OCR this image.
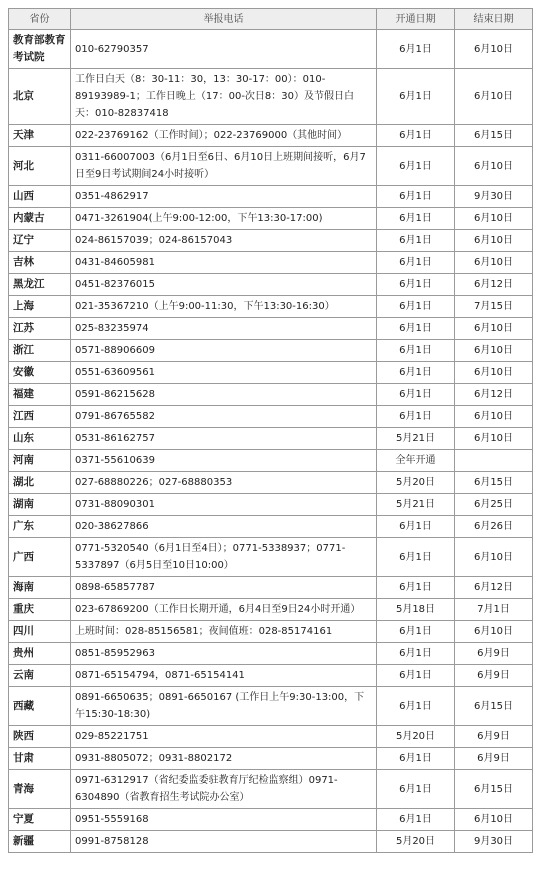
省份	举报电话	开通日期	结束日期
教育部教育考试院	010-62790357	6月1日	6月10日
北京	工作日白天（8：30-11：30，13：30-17：00）：010-89193989-1；工作日晚上（17：00-次日8：30）及节假日白天：010-82837418	6月1日	6月10日
天津	022-23769162（工作时间）；022-23769000（其他时间）	6月1日	6月15日
河北	0311-66007003（6月1日至6日、6月10日上班期间接听，6月7日至9日考试期间24小时接听）	6月1日	6月10日
山西	0351-4862917	6月1日	9月30日
内蒙古	0471-3261904(上午9:00-12:00，下午13:30-17:00)	6月1日	6月10日
辽宁	024-86157039；024-86157043	6月1日	6月10日
吉林	0431-84605981	6月1日	6月10日
黑龙江	0451-82376015	6月1日	6月12日
上海	021-35367210（上午9:00-11:30，下午13:30-16:30）	6月1日	7月15日
江苏	025-83235974	6月1日	6月10日
浙江	0571-88906609	6月1日	6月10日
安徽	0551-63609561	6月1日	6月10日
福建	0591-86215628	6月1日	6月12日
江西	0791-86765582	6月1日	6月10日
山东	0531-86162757	5月21日	6月10日
河南	0371-55610639	全年开通	
湖北	027-68880226；027-68880353	5月20日	6月15日
湖南	0731-88090301	5月21日	6月25日
广东	020-38627866	6月1日	6月26日
广西	0771-5320540（6月1日至4日）；0771-5338937；0771-5337897（6月5日至10日10:00）	6月1日	6月10日
海南	0898-65857787	6月1日	6月12日
重庆	023-67869200（工作日长期开通，6月4日至9日24小时开通）	5月18日	7月1日
四川	上班时间：028-85156581；夜间值班：028-85174161	6月1日	6月10日
贵州	0851-85952963	6月1日	6月9日
云南	0871-65154794，0871-65154141	6月1日	6月9日
西藏	0891-6650635；0891-6650167 (工作日上午9:30-13:00，下午15:30-18:30)	6月1日	6月15日
陕西	029-85221751	5月20日	6月9日
甘肃	0931-8805072；0931-8802172	6月1日	6月9日
青海	0971-6312917（省纪委监委驻教育厅纪检监察组）0971-6304890（省教育招生考试院办公室）	6月1日	6月15日
宁夏	0951-5559168	6月1日	6月10日
新疆	0991-8758128	5月20日	9月30日
